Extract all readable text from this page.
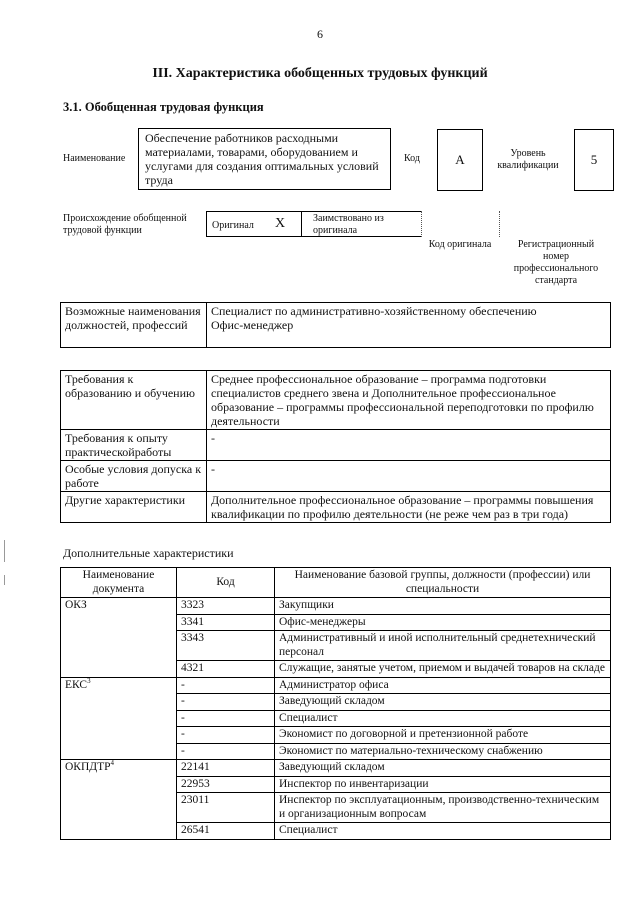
6
III. Характеристика обобщенных трудовых функций
3.1. Обобщенная трудовая функция
Наименование
Обеспечение работников расходными материалами, товарами, оборудованием и услугами для создания оптимальных условий труда
Код	А	Уровень квалификации	5
Происхождение обобщенной трудовой функции	Оригинал X	Заимствовано из оригинала
Код оригинала	Регистрационный номер профессионального стандарта
Возможные наименования должностей, профессий	
Специалист по административно-хозяйственному обеспечению
Офис-менеджер
Требования к образованию и обучению	Среднее профессиональное образование – программа подготовки специалистов среднего звена и Дополнительное профессиональное образование – программы профессиональной переподготовки по профилю деятельности
Требования к опыту практическойработы	-
Особые условия допуска к работе	-
Другие характеристики	Дополнительное профессиональное образование – программы повышения квалификации по профилю деятельности (не реже чем раз в три года)
Дополнительные характеристики
Наименование документа	Код	Наименование базовой группы, должности (профессии) или специальности
ОКЗ	3323	Закупщики
	3341	Офис-менеджеры
	3343	Административный и иной исполнительный среднетехнический персонал
	4321	Служащие, занятые учетом, приемом и выдачей товаров на складе
ЕКС$^3$	-	Администратор офиса
	-	Заведующий складом
	-	Специалист
	-	Экономист по договорной и претензионной работе
	-	Экономист по материально-техническому снабжению
ОКПДТР$^4$	22141	Заведующий складом
	22953	Инспектор по инвентаризации
	23011	Инспектор по эксплуатационным, производственно-техническим и организационным вопросам
	26541	Специалист
